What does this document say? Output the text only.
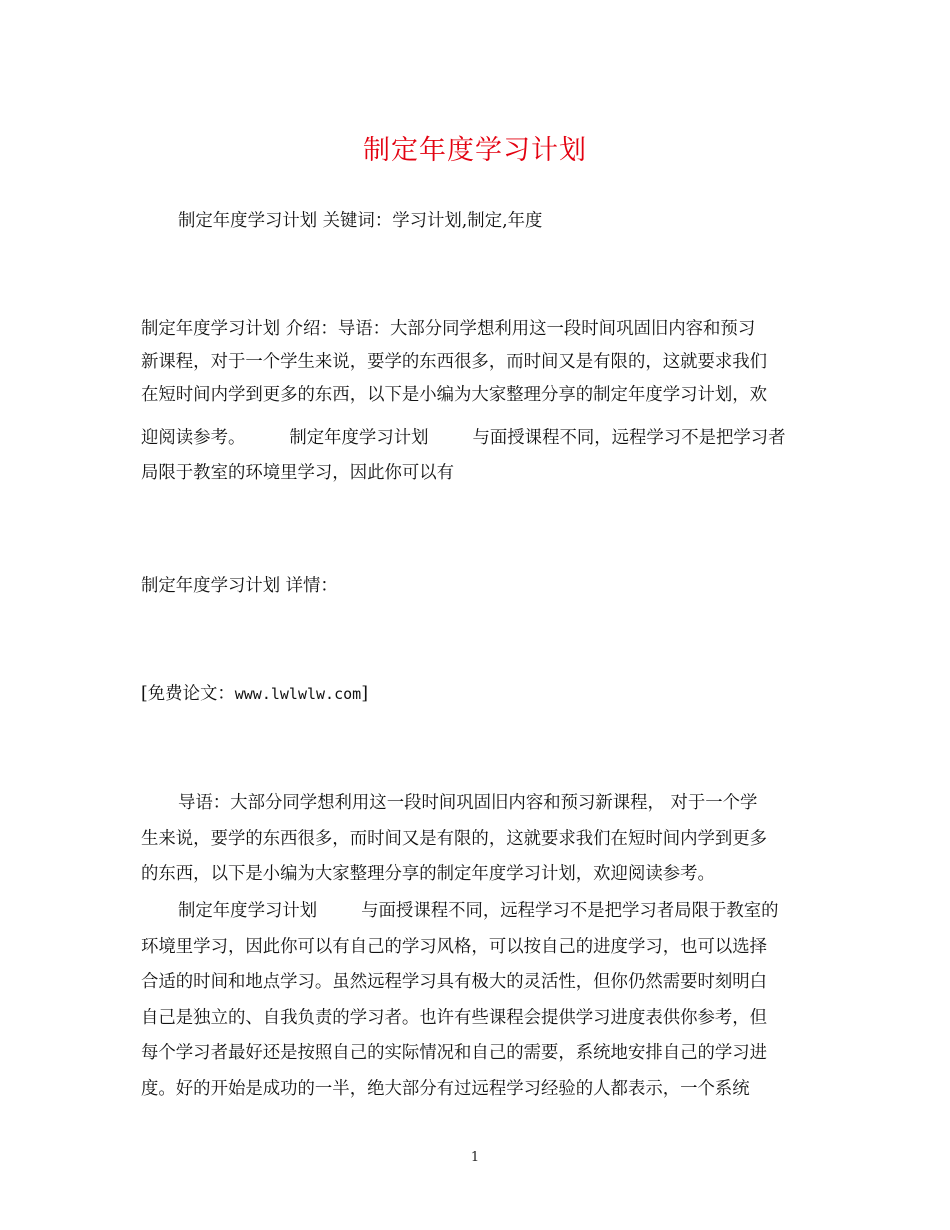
制定年度学习计划
制定年度学习计划 关键词：学习计划,制定,年度
制定年度学习计划 介绍：导语：大部分同学想利用这一段时间巩固旧内容和预习
新课程，对于一个学生来说，要学的东西很多，而时间又是有限的，这就要求我们
在短时间内学到更多的东西，以下是小编为大家整理分享的制定年度学习计划，欢
迎阅读参考。	制定年度学习计划	与面授课程不同，远程学习不是把学习者
局限于教室的环境里学习，因此你可以有
制定年度学习计划 详情：
[免费论文：www.lwlwlw.com]
导语：大部分同学想利用这一段时间巩固旧内容和预习新课程， 对于一个学
生来说，要学的东西很多，而时间又是有限的，这就要求我们在短时间内学到更多
的东西，以下是小编为大家整理分享的制定年度学习计划，欢迎阅读参考。
制定年度学习计划	与面授课程不同，远程学习不是把学习者局限于教室的
环境里学习，因此你可以有自己的学习风格，可以按自己的进度学习，也可以选择
合适的时间和地点学习。虽然远程学习具有极大的灵活性，但你仍然需要时刻明白
自己是独立的、自我负责的学习者。也许有些课程会提供学习进度表供你参考，但
每个学习者最好还是按照自己的实际情况和自己的需要，系统地安排自己的学习进
度。好的开始是成功的一半，绝大部分有过远程学习经验的人都表示，一个系统
1
